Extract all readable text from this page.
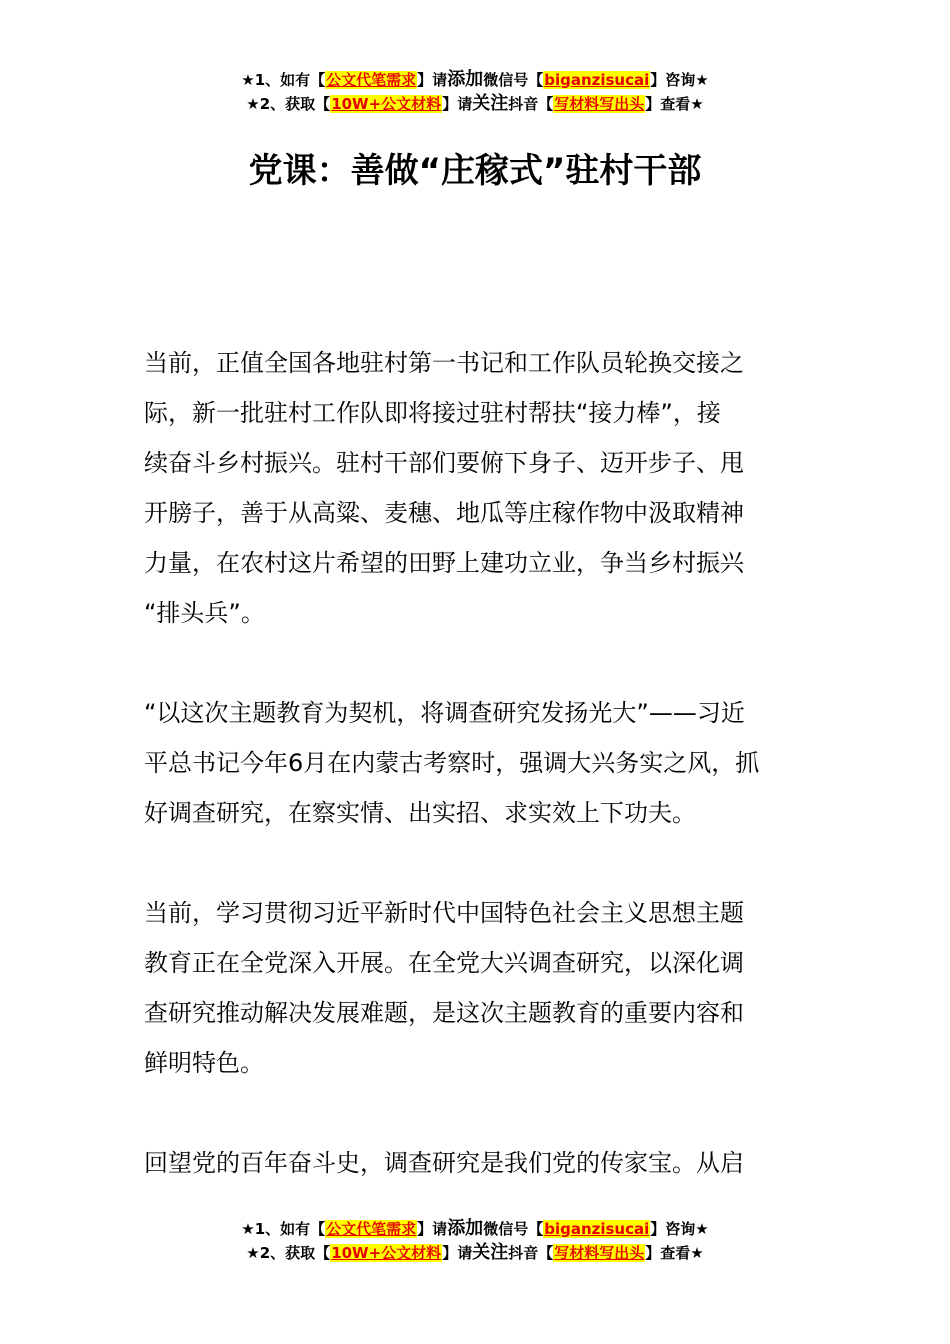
★1、如有【公文代笔需求】请添加微信号【biganzisucai】咨询★
★2、获取【10W+公文材料】请关注抖音【写材料写出头】查看★
党课：善做“庄稼式”驻村干部
当前，正值全国各地驻村第一书记和工作队员轮换交接之
际，新一批驻村工作队即将接过驻村帮扶“接力棒”，接
续奋斗乡村振兴。驻村干部们要俯下身子、迈开步子、甩
开膀子，善于从高粱、麦穗、地瓜等庄稼作物中汲取精神
力量，在农村这片希望的田野上建功立业，争当乡村振兴
“排头兵”。
“以这次主题教育为契机，将调查研究发扬光大”——习近
平总书记今年6月在内蒙古考察时，强调大兴务实之风，抓
好调查研究，在察实情、出实招、求实效上下功夫。
当前，学习贯彻习近平新时代中国特色社会主义思想主题
教育正在全党深入开展。在全党大兴调查研究，以深化调
查研究推动解决发展难题，是这次主题教育的重要内容和
鲜明特色。
回望党的百年奋斗史，调查研究是我们党的传家宝。从启
★1、如有【公文代笔需求】请添加微信号【biganzisucai】咨询★
★2、获取【10W+公文材料】请关注抖音【写材料写出头】查看★
